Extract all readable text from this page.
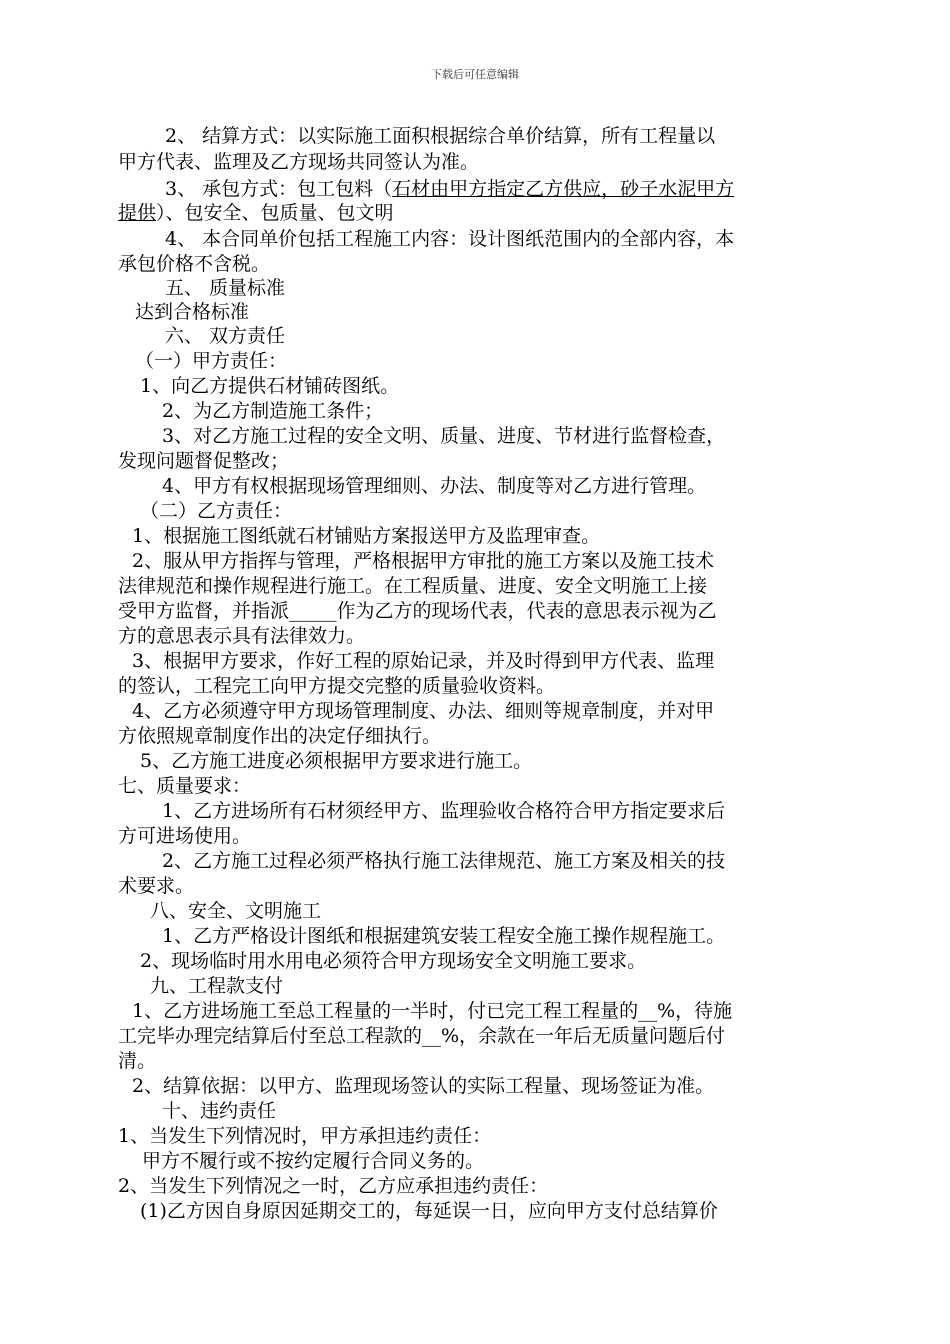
下载后可任意编辑
2、 结算方式：以实际施工面积根据综合单价结算，所有工程量以
甲方代表、监理及乙方现场共同签认为准。
3、 承包方式：包工包料（石材由甲方指定乙方供应，砂子水泥甲方
提供）、包安全、包质量、包文明
4、 本合同单价包括工程施工内容：设计图纸范围内的全部内容，本
承包价格不含税。
五、 质量标准
达到合格标准
六、 双方责任
（一）甲方责任：
1、向乙方提供石材铺砖图纸。
2、为乙方制造施工条件；
3、对乙方施工过程的安全文明、质量、进度、节材进行监督检查，
发现问题督促整改；
4、甲方有权根据现场管理细则、办法、制度等对乙方进行管理。
（二）乙方责任：
1、根据施工图纸就石材铺贴方案报送甲方及监理审查。
2、服从甲方指挥与管理，严格根据甲方审批的施工方案以及施工技术
法律规范和操作规程进行施工。在工程质量、进度、安全文明施工上接
受甲方监督，并指派_____作为乙方的现场代表，代表的意思表示视为乙
方的意思表示具有法律效力。
3、根据甲方要求，作好工程的原始记录，并及时得到甲方代表、监理
的签认，工程完工向甲方提交完整的质量验收资料。
4、乙方必须遵守甲方现场管理制度、办法、细则等规章制度，并对甲
方依照规章制度作出的决定仔细执行。
5、乙方施工进度必须根据甲方要求进行施工。
七、质量要求：
1、乙方进场所有石材须经甲方、监理验收合格符合甲方指定要求后
方可进场使用。
2、乙方施工过程必须严格执行施工法律规范、施工方案及相关的技
术要求。
八、安全、文明施工
1、乙方严格设计图纸和根据建筑安装工程安全施工操作规程施工。
2、现场临时用水用电必须符合甲方现场安全文明施工要求。
九、工程款支付
1、乙方进场施工至总工程量的一半时，付已完工程工程量的__%，待施
工完毕办理完结算后付至总工程款的__%，余款在一年后无质量问题后付
清。
2、结算依据：以甲方、监理现场签认的实际工程量、现场签证为准。
十、违约责任
1、当发生下列情况时，甲方承担违约责任：
甲方不履行或不按约定履行合同义务的。
2、当发生下列情况之一时，乙方应承担违约责任：
(1)乙方因自身原因延期交工的，每延误一日，应向甲方支付总结算价
